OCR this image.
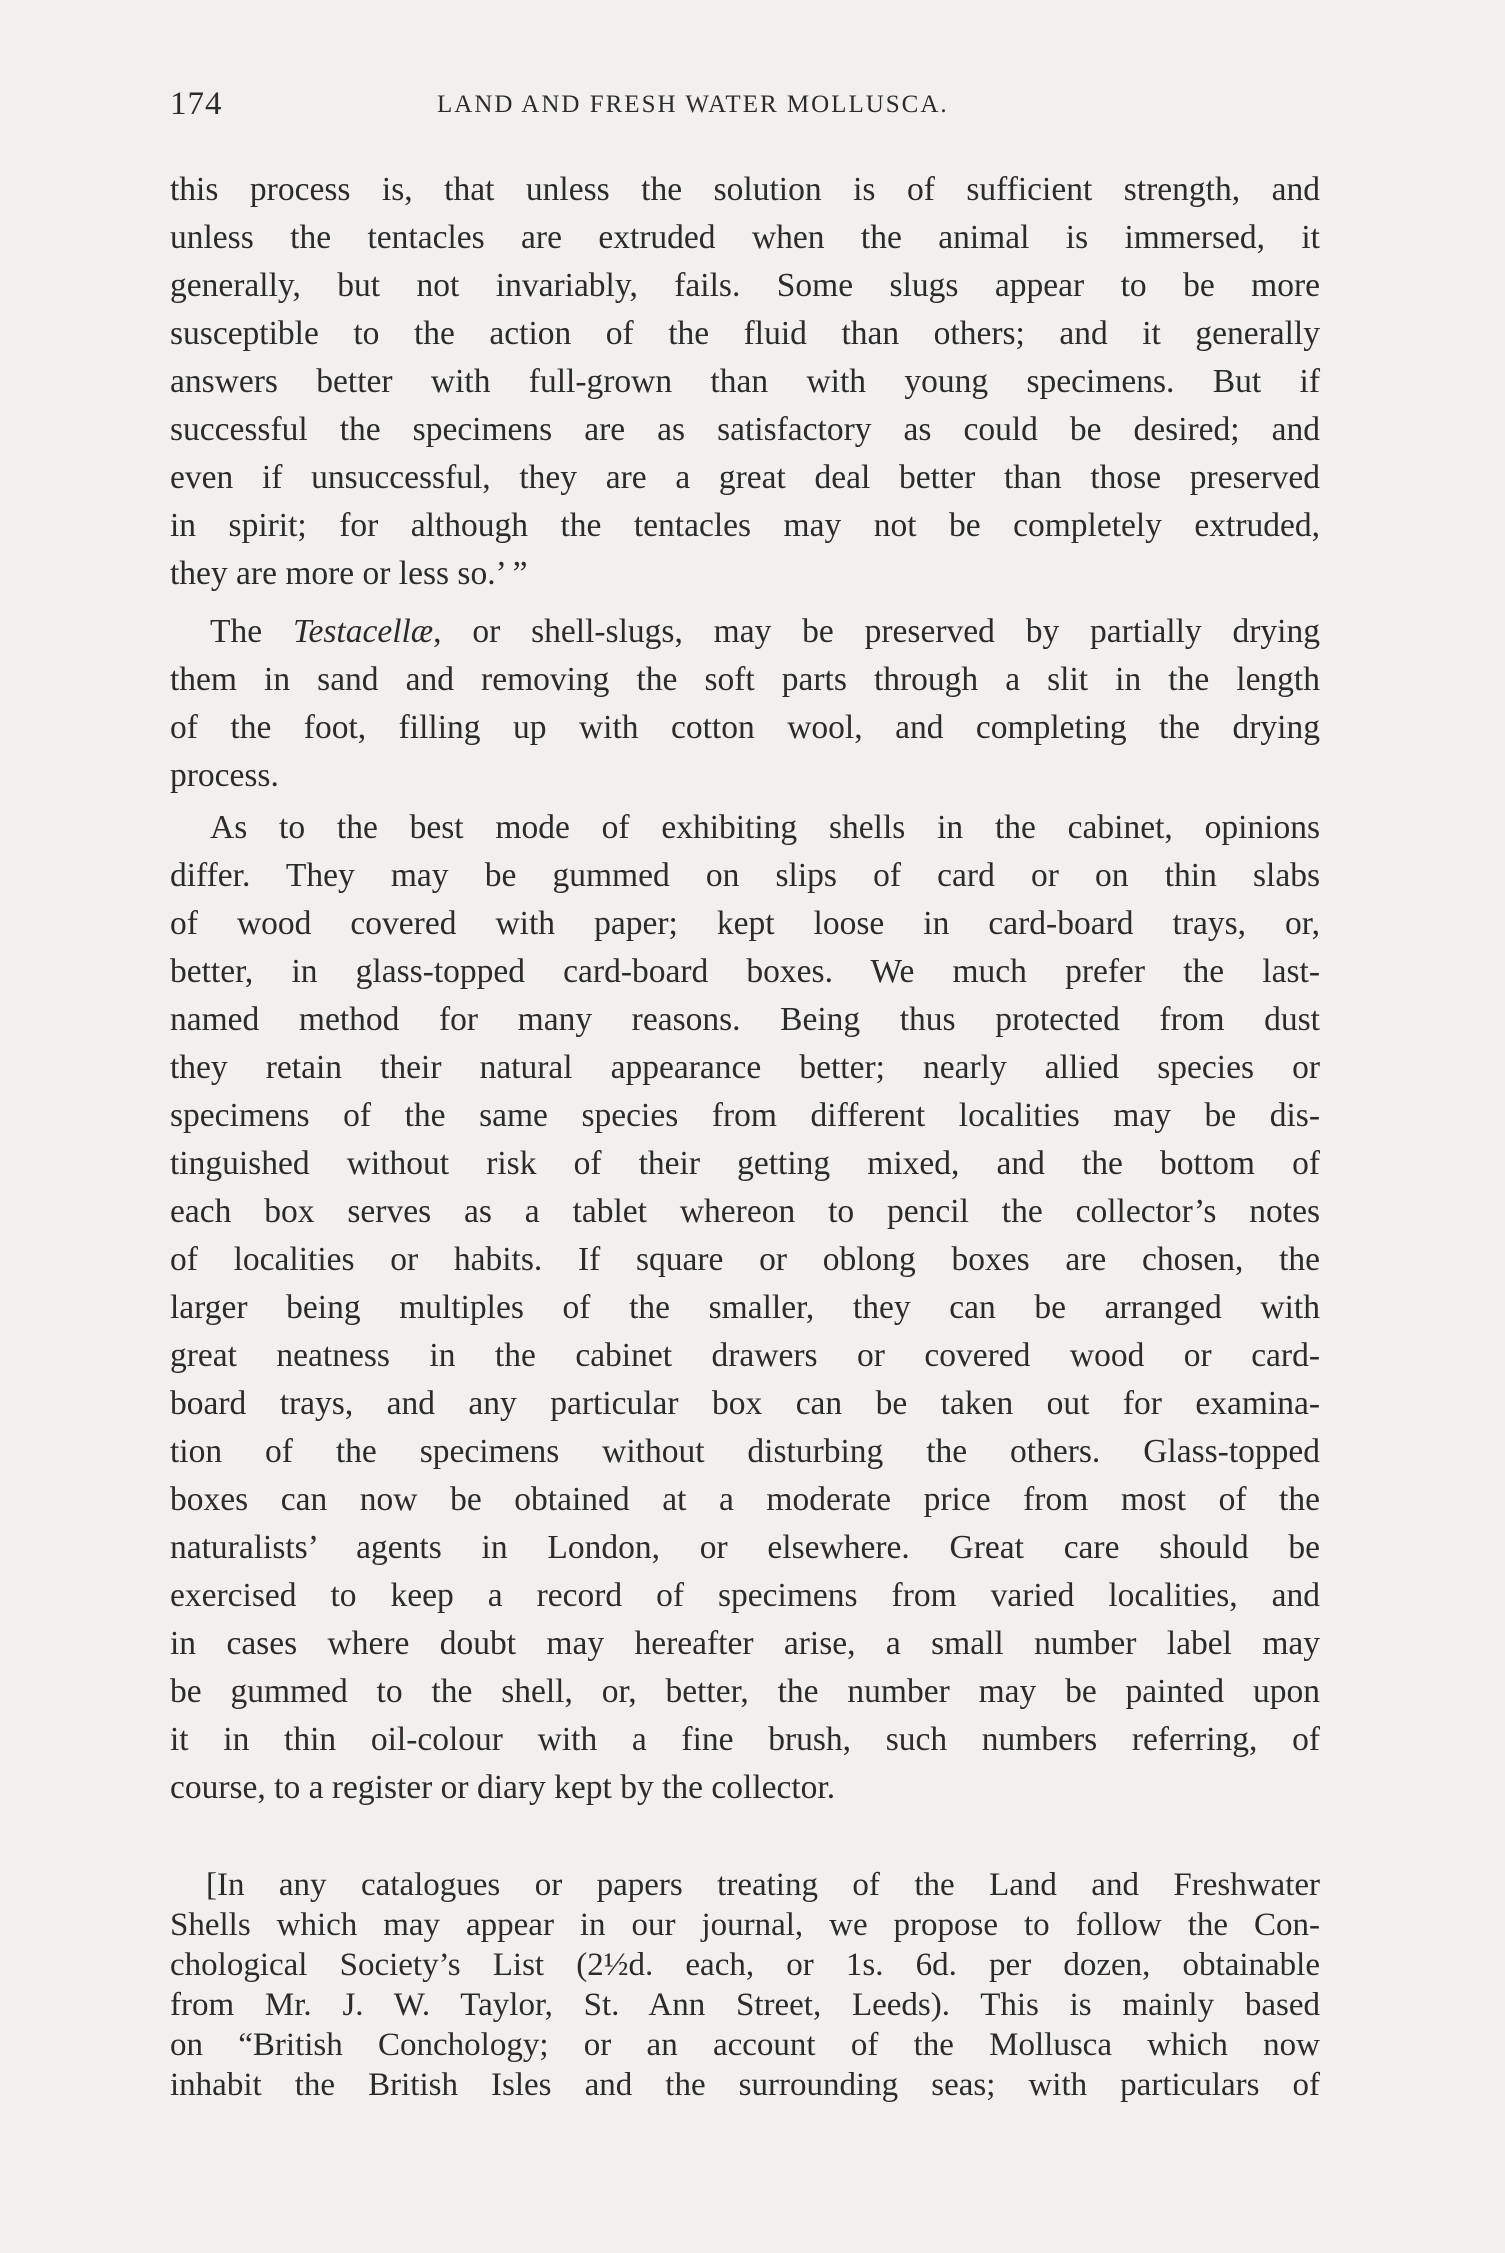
174	LAND AND FRESH WATER MOLLUSCA.
this process is, that unless the solution is of sufficient strength, and
unless the tentacles are extruded when the animal is immersed, it
generally, but not invariably, fails. Some slugs appear to be more
susceptible to the action of the fluid than others; and it generally
answers better with full-grown than with young specimens. But if
successful the specimens are as satisfactory as could be desired; and
even if unsuccessful, they are a great deal better than those preserved
in spirit; for although the tentacles may not be completely extruded,
they are more or less so.’ ”
The Testacellæ, or shell-slugs, may be preserved by partially drying
them in sand and removing the soft parts through a slit in the length
of the foot, filling up with cotton wool, and completing the drying
process.
As to the best mode of exhibiting shells in the cabinet, opinions
differ. They may be gummed on slips of card or on thin slabs
of wood covered with paper; kept loose in card-board trays, or,
better, in glass-topped card-board boxes. We much prefer the last-
named method for many reasons. Being thus protected from dust
they retain their natural appearance better; nearly allied species or
specimens of the same species from different localities may be dis-
tinguished without risk of their getting mixed, and the bottom of
each box serves as a tablet whereon to pencil the collector’s notes
of localities or habits. If square or oblong boxes are chosen, the
larger being multiples of the smaller, they can be arranged with
great neatness in the cabinet drawers or covered wood or card-
board trays, and any particular box can be taken out for examina-
tion of the specimens without disturbing the others. Glass-topped
boxes can now be obtained at a moderate price from most of the
naturalists’ agents in London, or elsewhere. Great care should be
exercised to keep a record of specimens from varied localities, and
in cases where doubt may hereafter arise, a small number label may
be gummed to the shell, or, better, the number may be painted upon
it in thin oil-colour with a fine brush, such numbers referring, of
course, to a register or diary kept by the collector.
[In any catalogues or papers treating of the Land and Freshwater
Shells which may appear in our journal, we propose to follow the Con-
chological Society’s List (2½d. each, or 1s. 6d. per dozen, obtainable
from Mr. J. W. Taylor, St. Ann Street, Leeds). This is mainly based
on “British Conchology; or an account of the Mollusca which now
inhabit the British Isles and the surrounding seas; with particulars of
